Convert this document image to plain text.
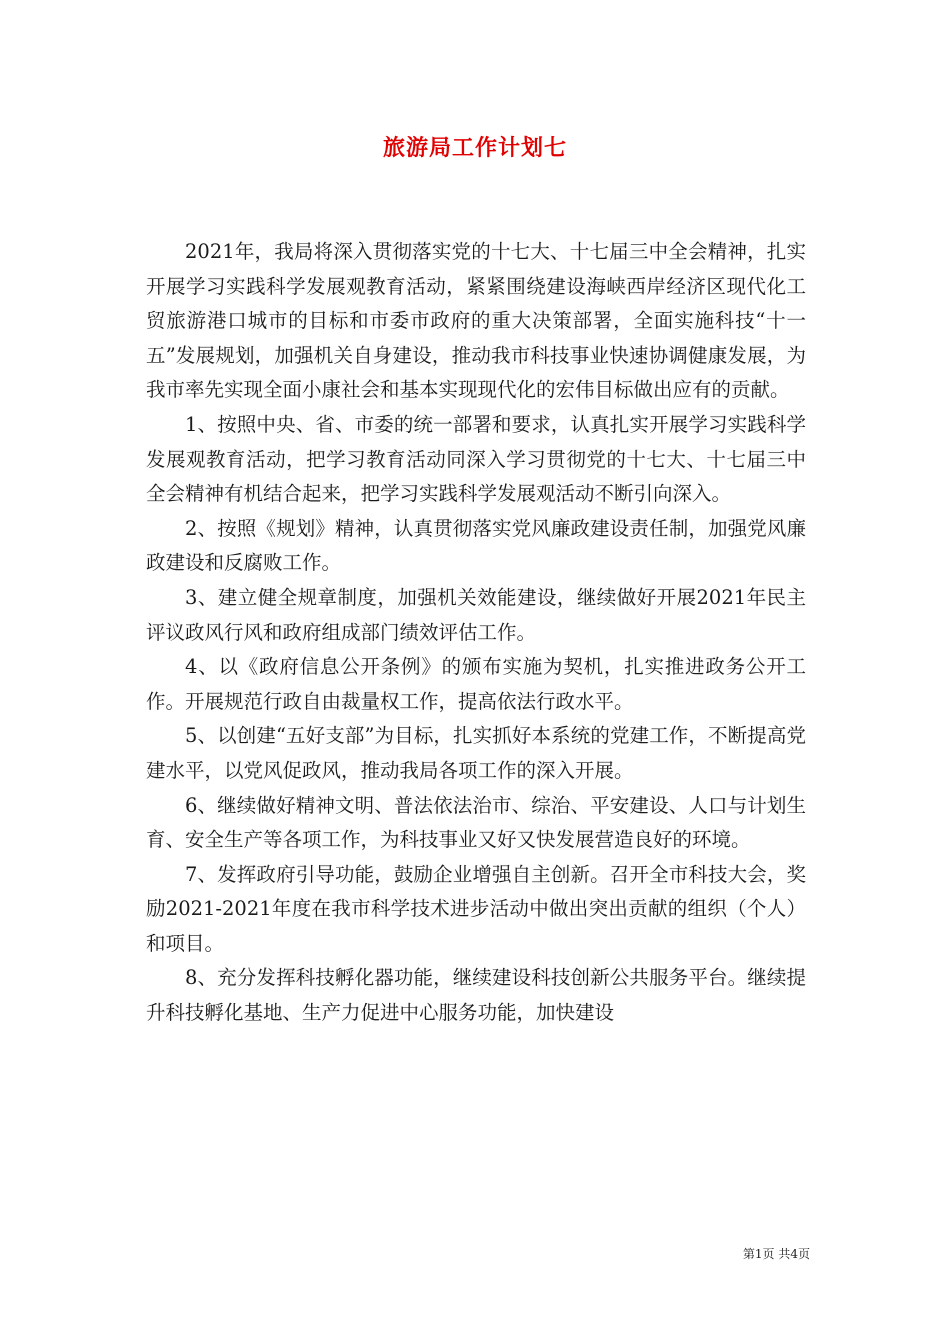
旅游局工作计划七

2021年，我局将深入贯彻落实党的十七大、十七届三中全会精神，扎实开展学习实践科学发展观教育活动，紧紧围绕建设海峡西岸经济区现代化工贸旅游港口城市的目标和市委市政府的重大决策部署，全面实施科技“十一五”发展规划，加强机关自身建设，推动我市科技事业快速协调健康发展，为我市率先实现全面小康社会和基本实现现代化的宏伟目标做出应有的贡献。

1、按照中央、省、市委的统一部署和要求，认真扎实开展学习实践科学发展观教育活动，把学习教育活动同深入学习贯彻党的十七大、十七届三中全会精神有机结合起来，把学习实践科学发展观活动不断引向深入。

2、按照《规划》精神，认真贯彻落实党风廉政建设责任制，加强党风廉政建设和反腐败工作。

3、建立健全规章制度，加强机关效能建设，继续做好开展2021年民主评议政风行风和政府组成部门绩效评估工作。

4、以《政府信息公开条例》的颁布实施为契机，扎实推进政务公开工作。开展规范行政自由裁量权工作，提高依法行政水平。

5、以创建“五好支部”为目标，扎实抓好本系统的党建工作，不断提高党建水平，以党风促政风，推动我局各项工作的深入开展。

6、继续做好精神文明、普法依法治市、综治、平安建设、人口与计划生育、安全生产等各项工作，为科技事业又好又快发展营造良好的环境。

7、发挥政府引导功能，鼓励企业增强自主创新。召开全市科技大会，奖励2021-2021年度在我市科学技术进步活动中做出突出贡献的组织（个人）和项目。

8、充分发挥科技孵化器功能，继续建设科技创新公共服务平台。继续提升科技孵化基地、生产力促进中心服务功能，加快建设

第1页 共4页
